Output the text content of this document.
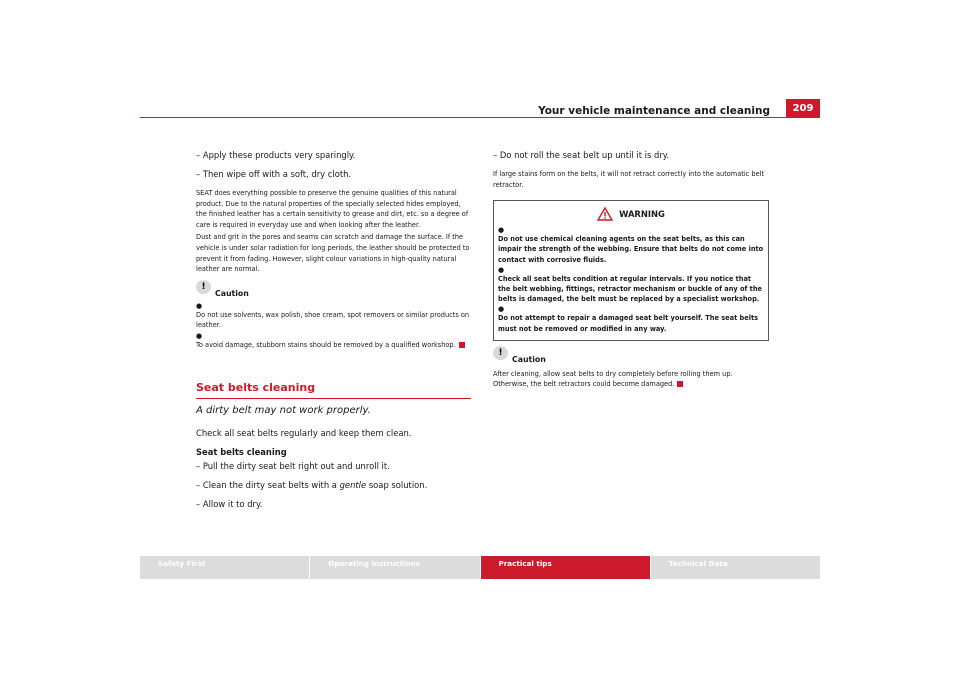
Your vehicle maintenance and cleaning	209

– Apply these products very sparingly.

– Then wipe off with a soft, dry cloth.

SEAT does everything possible to preserve the genuine qualities of this natural product. Due to the natural properties of the specially selected hides employed, the finished leather has a certain sensitivity to grease and dirt, etc. so a degree of care is required in everyday use and when looking after the leather.

Dust and grit in the pores and seams can scratch and damage the surface. If the vehicle is under solar radiation for long periods, the leather should be protected to prevent it from fading. However, slight colour variations in high-quality natural leather are normal.

!
Caution
●
Do not use solvents, wax polish, shoe cream, spot removers or similar products on leather.
●
To avoid damage, stubborn stains should be removed by a qualified workshop.
Seat belts cleaning
A dirty belt may not work properly.

Check all seat belts regularly and keep them clean.

Seat belts cleaning

– Pull the dirty seat belt right out and unroll it.

– Clean the dirty seat belts with a gentle soap solution.

– Allow it to dry.

– Do not roll the seat belt up until it is dry.

If large stains form on the belts, it will not retract correctly into the automatic belt retractor.

WARNING
●
Do not use chemical cleaning agents on the seat belts, as this can impair the strength of the webbing. Ensure that belts do not come into contact with corrosive fluids.
●
Check all seat belts condition at regular intervals. If you notice that the belt webbing, fittings, retractor mechanism or buckle of any of the belts is damaged, the belt must be replaced by a specialist workshop.
●
Do not attempt to repair a damaged seat belt yourself. The seat belts must not be removed or modified in any way.
!
Caution

After cleaning, allow seat belts to dry completely before rolling them up. Otherwise, the belt retractors could become damaged.

Safety First	Operating instructions	Practical tips	Technical Data
